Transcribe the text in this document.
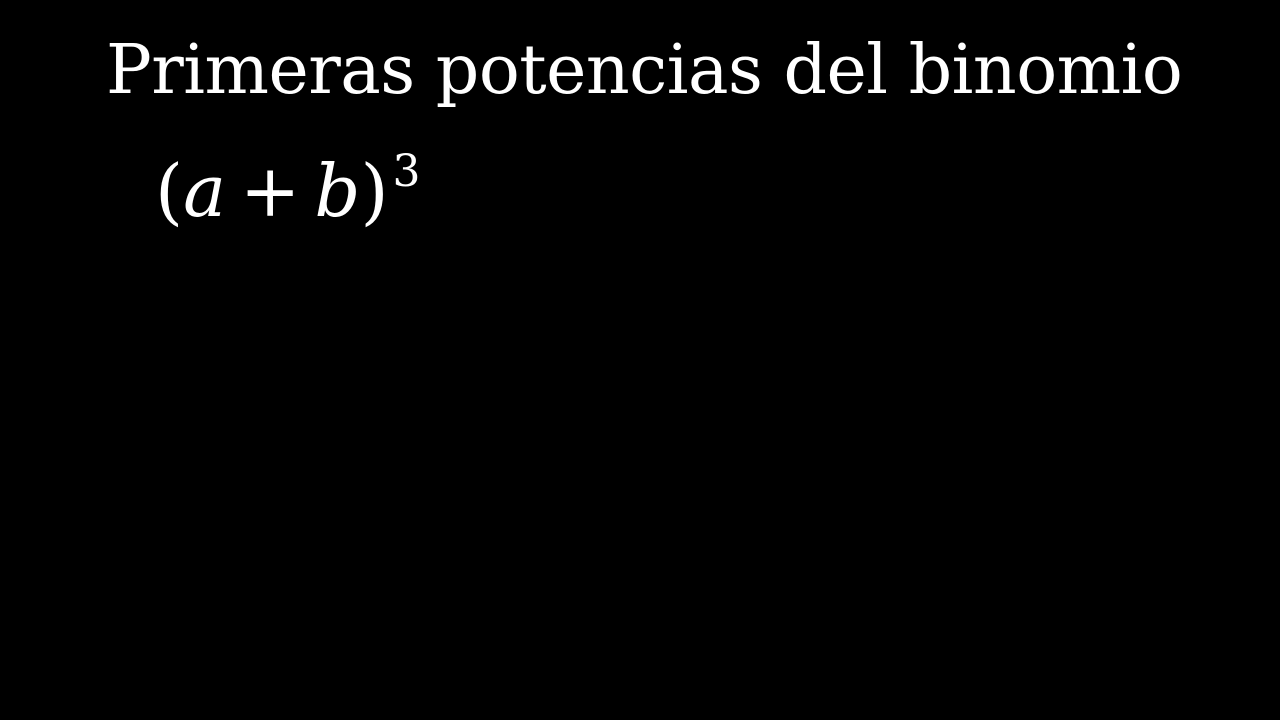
Primeras potencias del binomio
$(a + b)^3$
